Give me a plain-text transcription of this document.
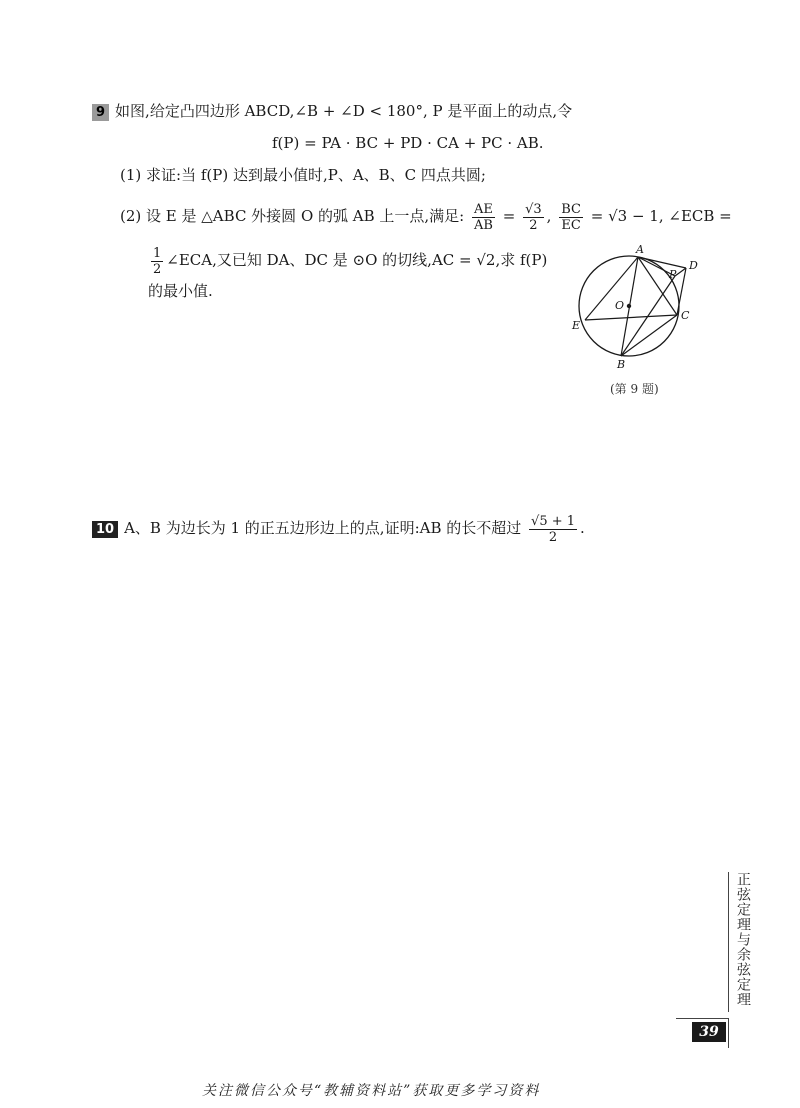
9 如图,给定凸四边形 ABCD,∠B + ∠D < 180°, P 是平面上的动点,令
f(P) = PA · BC + PD · CA + PC · AB.
(1) 求证:当 f(P) 达到最小值时,P、A、B、C 四点共圆;
(2) 设 E 是 △ABC 外接圆 O 的弧 AB 上一点,满足: $\frac{AE}{AB} = \frac{√3}{2}$ , $\frac{BC}{EC} = √3 - 1$, ∠ECB =
$\frac{1}{2}$ ∠ECA,又已知 DA、DC 是 ⊙O 的切线,AC = √2,求 f(P)
的最小值.
A
D
P
O
C
E
B
(第 9 题)
10 A、B 为边长为 1 的正五边形边上的点,证明:AB 的长不超过 $\frac{√5 + 1}{2}$ .
正弦定理与余弦定理
39
关注微信公众号“教辅资料站”获取更多学习资料
